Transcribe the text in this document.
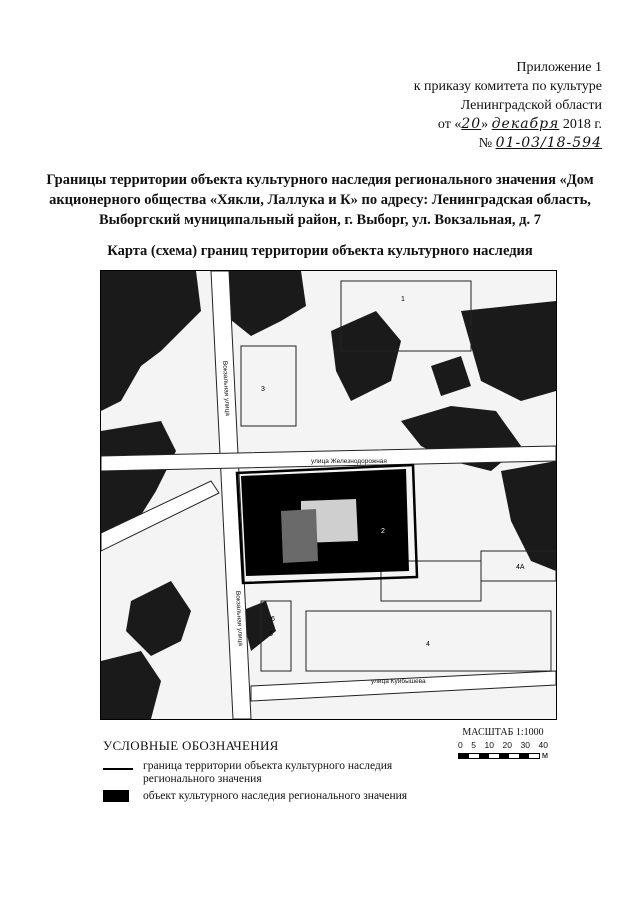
Приложение 1
к приказу комитета по культуре
Ленинградской области
от «20» декабря 2018 г.
№ 01-03/18-594
Границы территории объекта культурного наследия регионального значения «Дом акционерного общества «Хякли, Лаллука и К» по адресу: Ленинградская область, Выборгский муниципальный район, г. Выборг, ул. Вокзальная, д. 7
Карта (схема) границ территории объекта культурного наследия
1
3
6
5
4
4А
2
Вокзальная улица
улица Железнодорожная
улица Куйбышева
Вокзальная улица
УСЛОВНЫЕ ОБОЗНАЧЕНИЯ
граница территории объекта культурного наследия регионального значения
объект культурного наследия регионального значения
МАСШТАБ 1:1000
0 5 10 20 30 40
м
